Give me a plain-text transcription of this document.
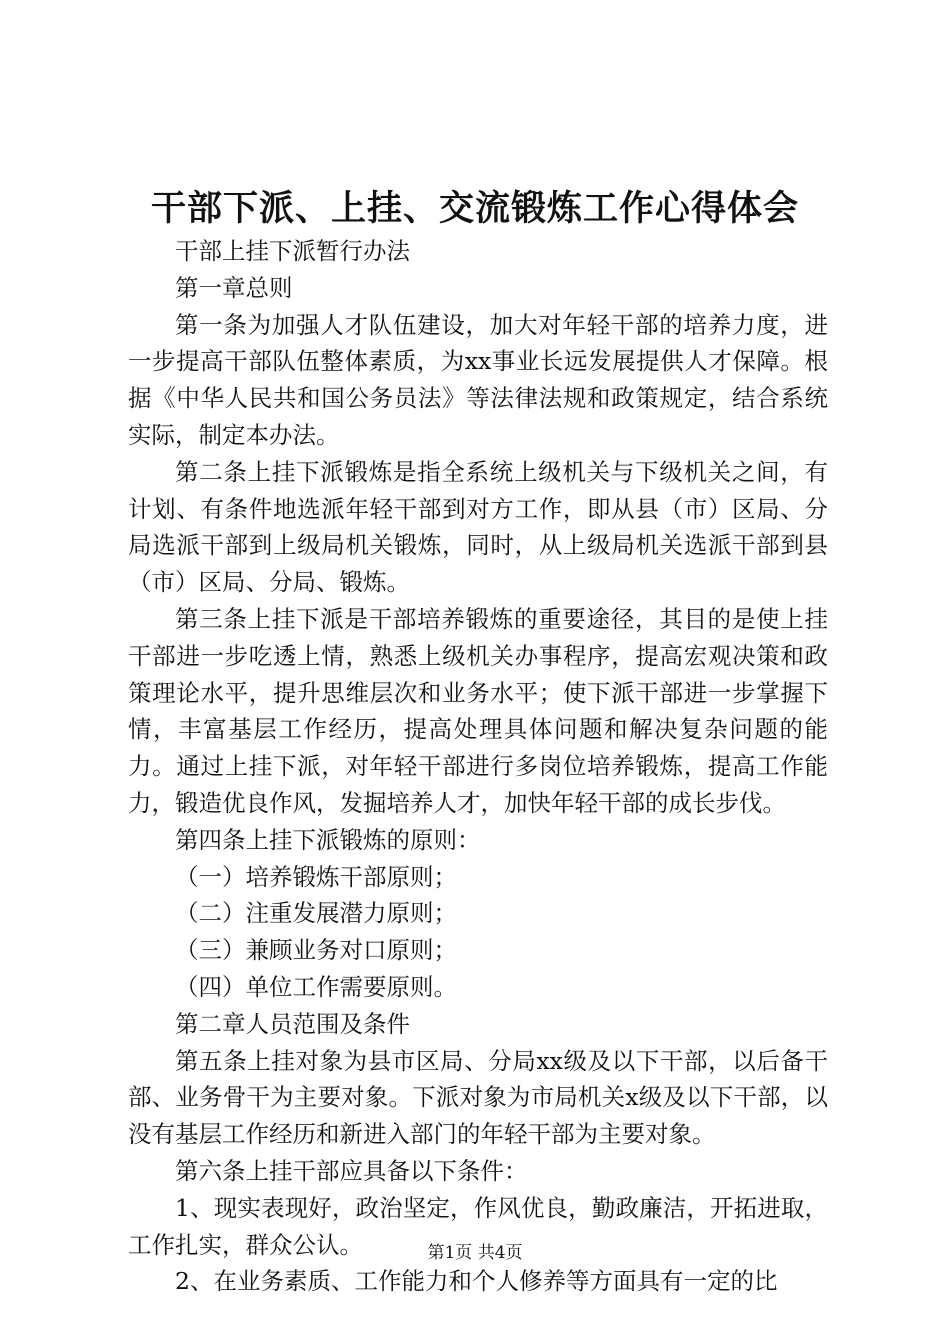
干部下派、上挂、交流锻炼工作心得体会

干部上挂下派暂行办法

第一章总则

第一条为加强人才队伍建设，加大对年轻干部的培养力度，进一步提高干部队伍整体素质，为xx事业长远发展提供人才保障。根据《中华人民共和国公务员法》等法律法规和政策规定，结合系统实际，制定本办法。

第二条上挂下派锻炼是指全系统上级机关与下级机关之间，有计划、有条件地选派年轻干部到对方工作，即从县（市）区局、分局选派干部到上级局机关锻炼，同时，从上级局机关选派干部到县（市）区局、分局、锻炼。

第三条上挂下派是干部培养锻炼的重要途径，其目的是使上挂干部进一步吃透上情，熟悉上级机关办事程序，提高宏观决策和政策理论水平，提升思维层次和业务水平；使下派干部进一步掌握下情，丰富基层工作经历，提高处理具体问题和解决复杂问题的能力。通过上挂下派，对年轻干部进行多岗位培养锻炼，提高工作能力，锻造优良作风，发掘培养人才，加快年轻干部的成长步伐。

第四条上挂下派锻炼的原则：

（一）培养锻炼干部原则；

（二）注重发展潜力原则；

（三）兼顾业务对口原则；

（四）单位工作需要原则。

第二章人员范围及条件

第五条上挂对象为县市区局、分局xx级及以下干部，以后备干部、业务骨干为主要对象。下派对象为市局机关x级及以下干部，以没有基层工作经历和新进入部门的年轻干部为主要对象。

第六条上挂干部应具备以下条件：

1、现实表现好，政治坚定，作风优良，勤政廉洁，开拓进取，工作扎实，群众公认。

2、在业务素质、工作能力和个人修养等方面具有一定的比

第1页 共4页
